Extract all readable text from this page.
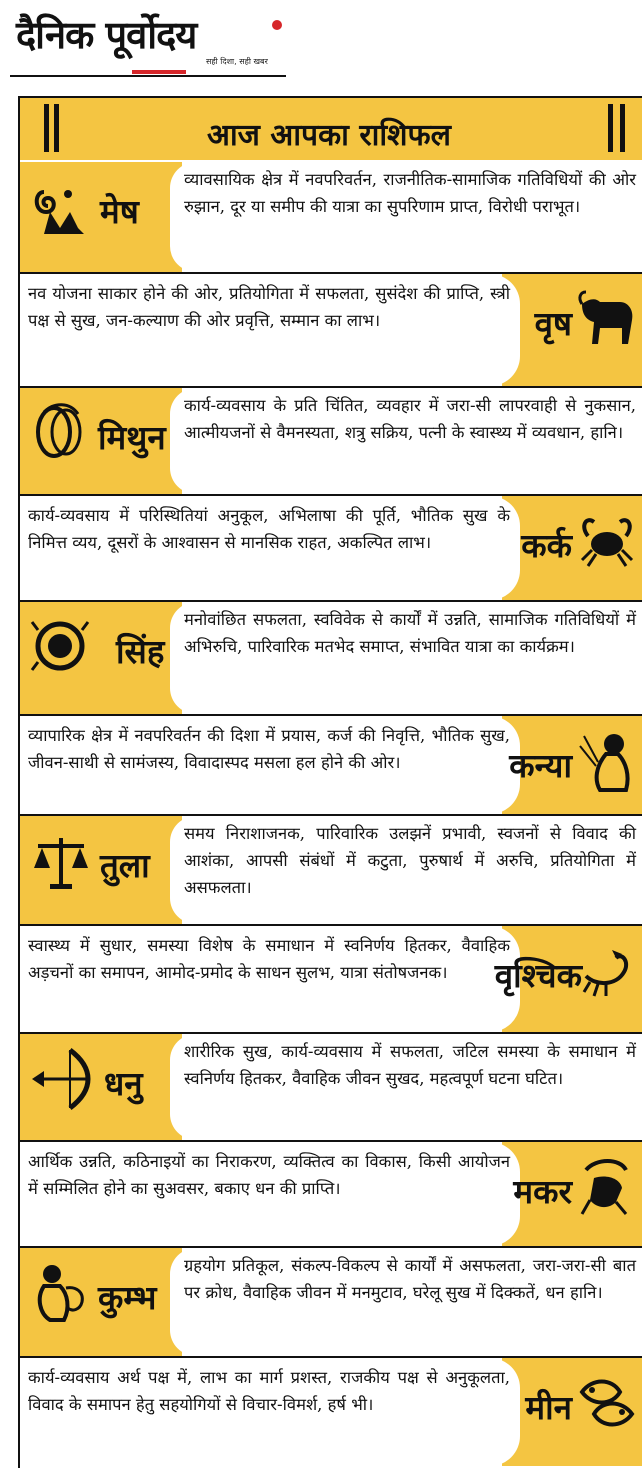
दैनिक पूर्वोदय
सही दिशा, सही खबर
आज आपका राशिफल
मेष
व्यावसायिक क्षेत्र में नवपरिवर्तन, राजनीतिक-सामाजिक गतिविधियों की ओर रुझान, दूर या समीप की यात्रा का सुपरिणाम प्राप्त, विरोधी पराभूत।
वृष
नव योजना साकार होने की ओर, प्रतियोगिता में सफलता, सुसंदेश की प्राप्ति, स्त्री पक्ष से सुख, जन-कल्याण की ओर प्रवृत्ति, सम्मान का लाभ।
मिथुन
कार्य-व्यवसाय के प्रति चिंतित, व्यवहार में जरा-सी लापरवाही से नुकसान, आत्मीयजनों से वैमनस्यता, शत्रु सक्रिय, पत्नी के स्वास्थ्य में व्यवधान, हानि।
कर्क
कार्य-व्यवसाय में परिस्थितियां अनुकूल, अभिलाषा की पूर्ति, भौतिक सुख के निमित्त व्यय, दूसरों के आश्वासन से मानसिक राहत, अकल्पित लाभ।
सिंह
मनोवांछित सफलता, स्वविवेक से कार्यों में उन्नति, सामाजिक गतिविधियों में अभिरुचि, पारिवारिक मतभेद समाप्त, संभावित यात्रा का कार्यक्रम।
कन्या
व्यापारिक क्षेत्र में नवपरिवर्तन की दिशा में प्रयास, कर्ज की निवृत्ति, भौतिक सुख, जीवन-साथी से सामंजस्य, विवादास्पद मसला हल होने की ओर।
तुला
समय निराशाजनक, पारिवारिक उलझनें प्रभावी, स्वजनों से विवाद की आशंका, आपसी संबंधों में कटुता, पुरुषार्थ में अरुचि, प्रतियोगिता में असफलता।
वृश्चिक
स्वास्थ्य में सुधार, समस्या विशेष के समाधान में स्वनिर्णय हितकर, वैवाहिक अड़चनों का समापन, आमोद-प्रमोद के साधन सुलभ, यात्रा संतोषजनक।
धनु
शारीरिक सुख, कार्य-व्यवसाय में सफलता, जटिल समस्या के समाधान में स्वनिर्णय हितकर, वैवाहिक जीवन सुखद, महत्वपूर्ण घटना घटित।
मकर
आर्थिक उन्नति, कठिनाइयों का निराकरण, व्यक्तित्व का विकास, किसी आयोजन में सम्मिलित होने का सुअवसर, बकाए धन की प्राप्ति।
कुम्भ
ग्रहयोग प्रतिकूल, संकल्प-विकल्प से कार्यों में असफलता, जरा-जरा-सी बात पर क्रोध, वैवाहिक जीवन में मनमुटाव, घरेलू सुख में दिक्कतें, धन हानि।
मीन
कार्य-व्यवसाय अर्थ पक्ष में, लाभ का मार्ग प्रशस्त, राजकीय पक्ष से अनुकूलता, विवाद के समापन हेतु सहयोगियों से विचार-विमर्श, हर्ष भी।
